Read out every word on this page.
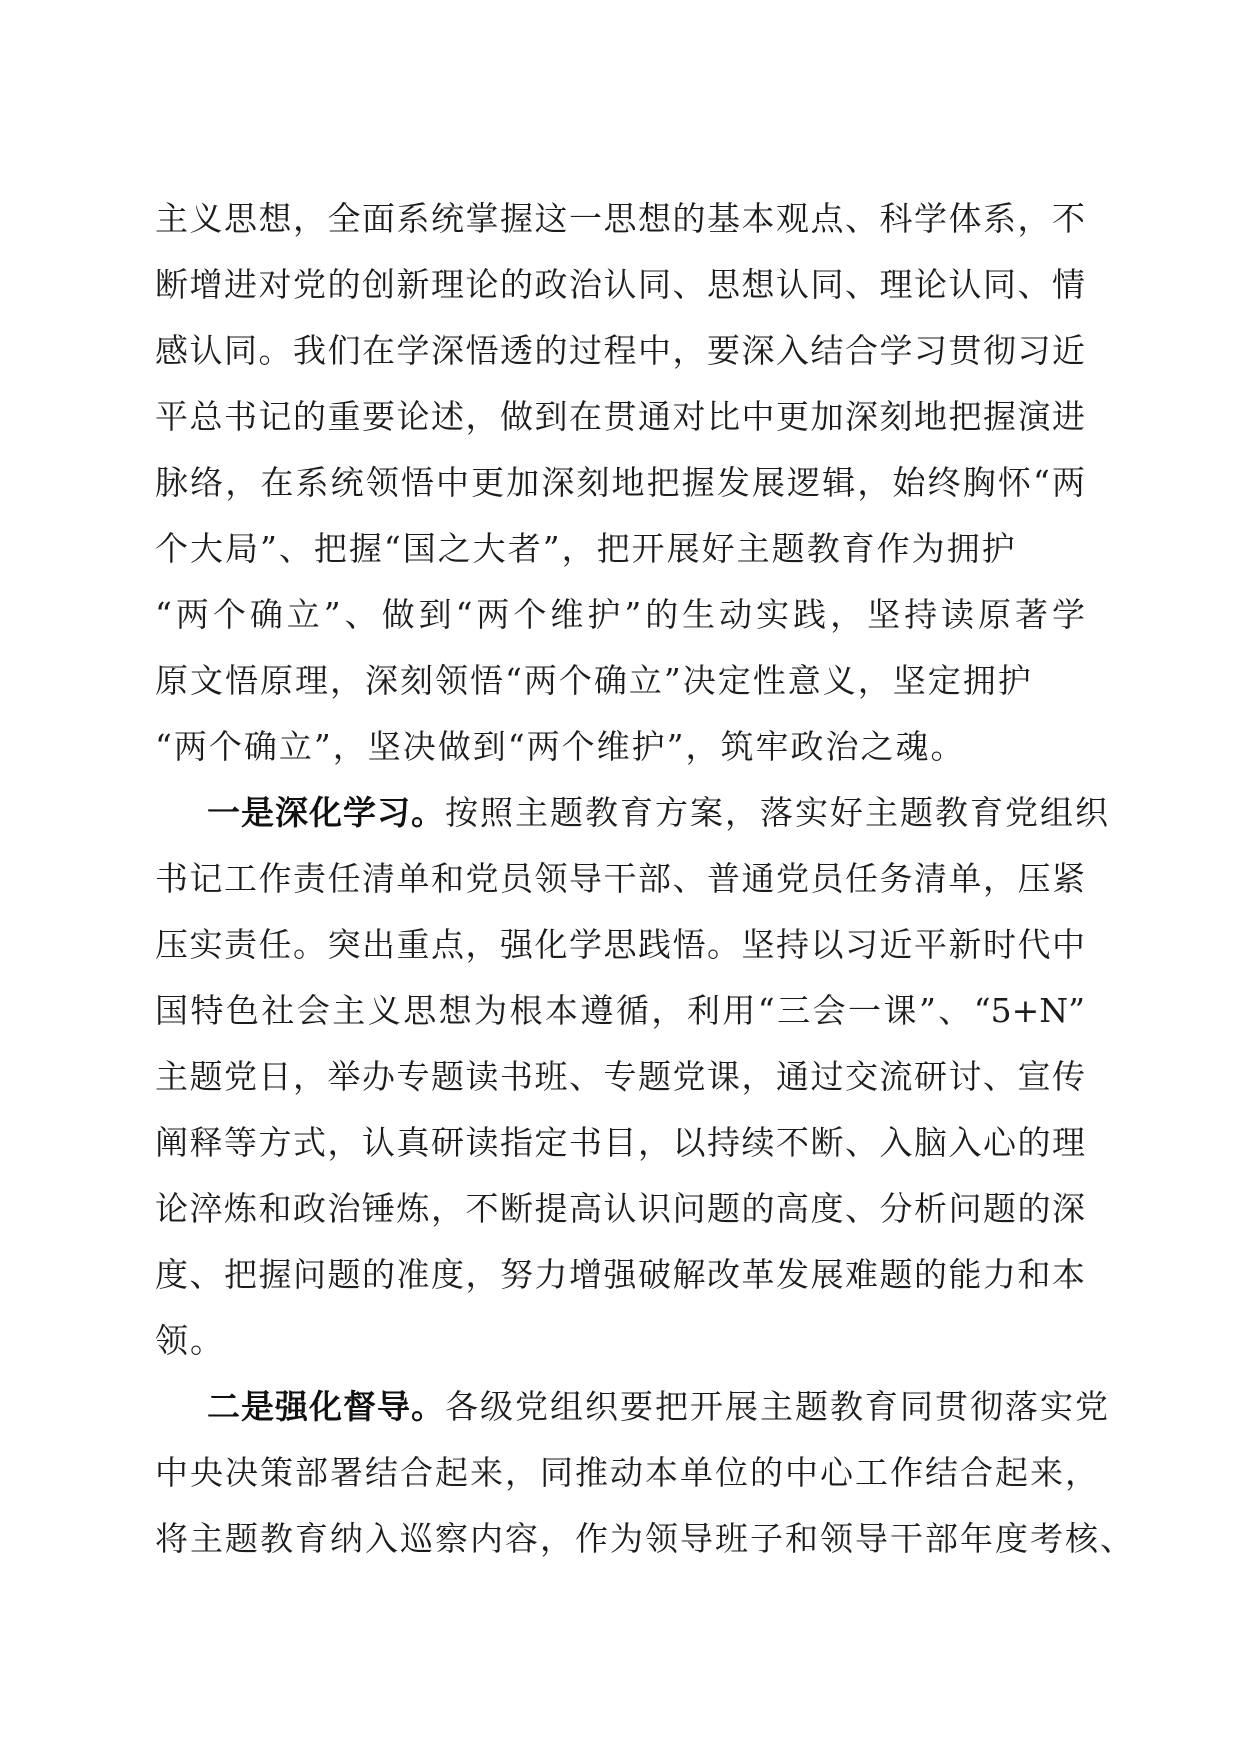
主义思想，全面系统掌握这一思想的基本观点、科学体系，不
断增进对党的创新理论的政治认同、思想认同、理论认同、情
感认同。我们在学深悟透的过程中，要深入结合学习贯彻习近
平总书记的重要论述，做到在贯通对比中更加深刻地把握演进
脉络，在系统领悟中更加深刻地把握发展逻辑，始终胸怀“两
个大局”、把握“国之大者”，把开展好主题教育作为拥护
“两个确立”、做到“两个维护”的生动实践，坚持读原著学
原文悟原理，深刻领悟“两个确立”决定性意义，坚定拥护
“两个确立”，坚决做到“两个维护”，筑牢政治之魂。
一是深化学习。按照主题教育方案，落实好主题教育党组织
书记工作责任清单和党员领导干部、普通党员任务清单，压紧
压实责任。突出重点，强化学思践悟。坚持以习近平新时代中
国特色社会主义思想为根本遵循，利用“三会一课”、“5+N”
主题党日，举办专题读书班、专题党课，通过交流研讨、宣传
阐释等方式，认真研读指定书目，以持续不断、入脑入心的理
论淬炼和政治锤炼，不断提高认识问题的高度、分析问题的深
度、把握问题的准度，努力增强破解改革发展难题的能力和本
领。
二是强化督导。各级党组织要把开展主题教育同贯彻落实党
中央决策部署结合起来，同推动本单位的中心工作结合起来，
将主题教育纳入巡察内容，作为领导班子和领导干部年度考核、
